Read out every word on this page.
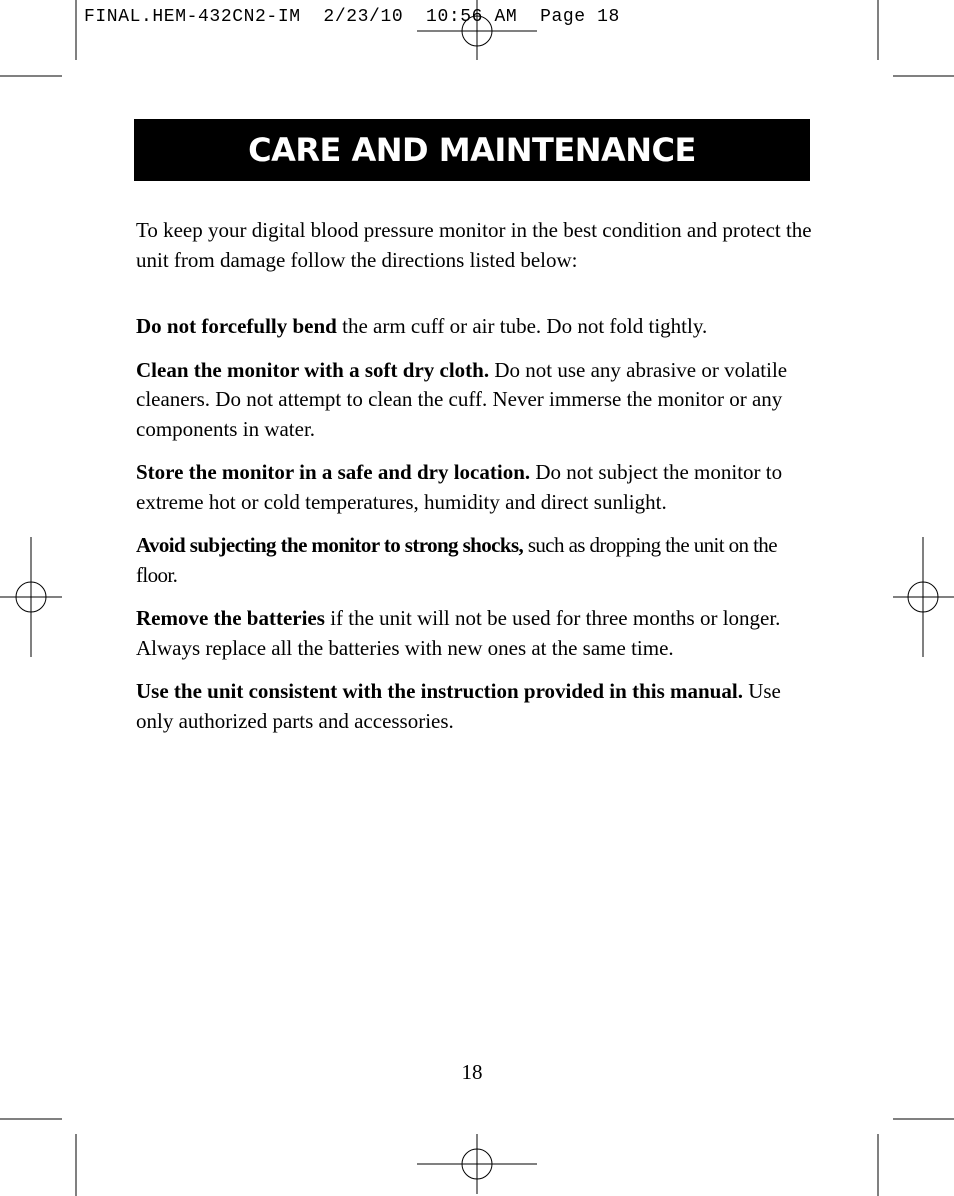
FINAL.HEM-432CN2-IM  2/23/10  10:56 AM  Page 18
CARE AND MAINTENANCE

To keep your digital blood pressure monitor in the best condition and protect the unit from damage follow the directions listed below:

Do not forcefully bend the arm cuff or air tube. Do not fold tightly.

Clean the monitor with a soft dry cloth. Do not use any abrasive or volatile cleaners. Do not attempt to clean the cuff. Never immerse the monitor or any components in water.

Store the monitor in a safe and dry location. Do not subject the monitor to extreme hot or cold temperatures, humidity and direct sunlight.

Avoid subjecting the monitor to strong shocks, such as dropping the unit on the floor.

Remove the batteries if the unit will not be used for three months or longer. Always replace all the batteries with new ones at the same time.

Use the unit consistent with the instruction provided in this manual. Use only authorized parts and accessories.

18
